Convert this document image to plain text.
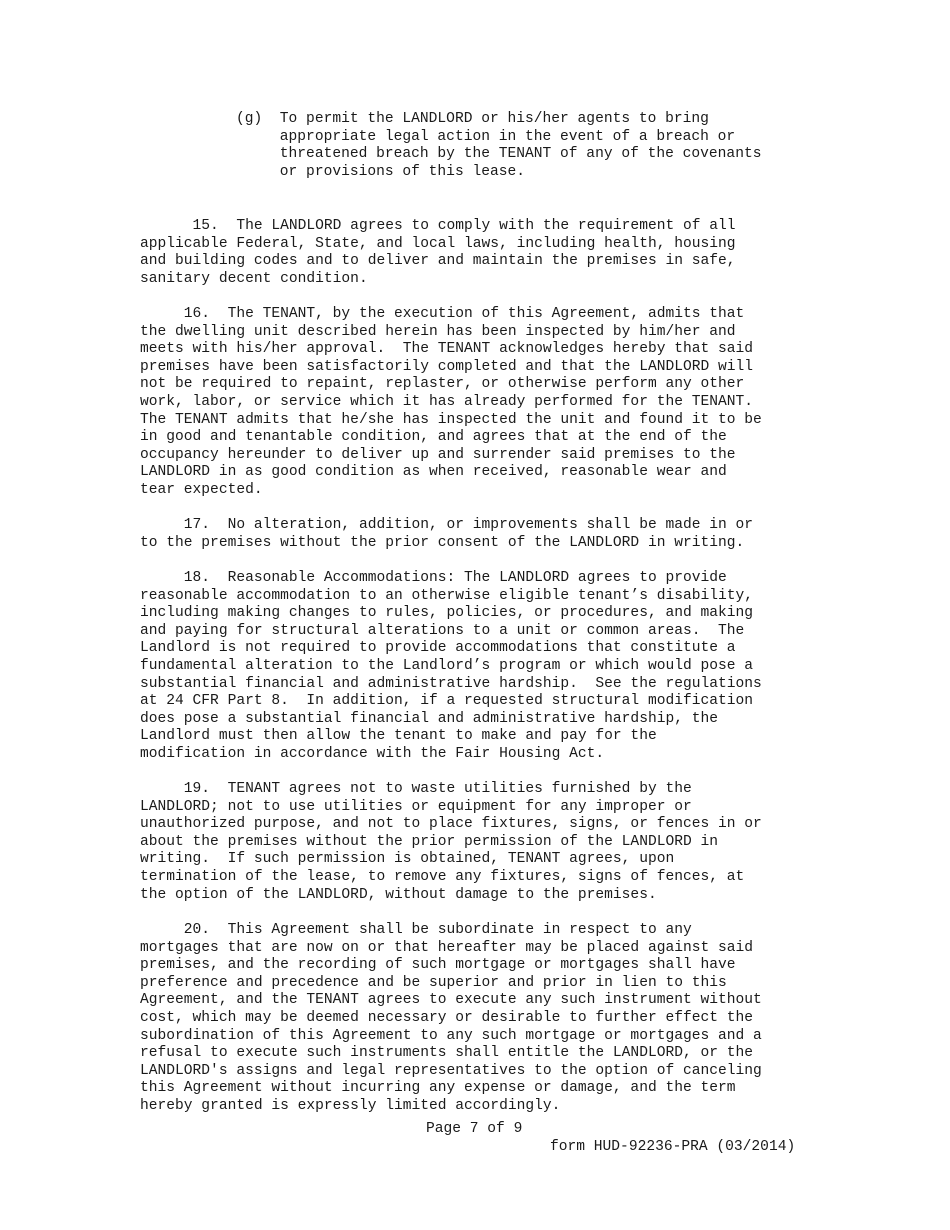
(g)  To permit the LANDLORD or his/her agents to bring
appropriate legal action in the event of a breach or
threatened breach by the TENANT of any of the covenants
or provisions of this lease.
15.  The LANDLORD agrees to comply with the requirement of all
applicable Federal, State, and local laws, including health, housing
and building codes and to deliver and maintain the premises in safe,
sanitary decent condition.
16.  The TENANT, by the execution of this Agreement, admits that
the dwelling unit described herein has been inspected by him/her and
meets with his/her approval.  The TENANT acknowledges hereby that said
premises have been satisfactorily completed and that the LANDLORD will
not be required to repaint, replaster, or otherwise perform any other
work, labor, or service which it has already performed for the TENANT.
The TENANT admits that he/she has inspected the unit and found it to be
in good and tenantable condition, and agrees that at the end of the
occupancy hereunder to deliver up and surrender said premises to the
LANDLORD in as good condition as when received, reasonable wear and
tear expected.
17.  No alteration, addition, or improvements shall be made in or
to the premises without the prior consent of the LANDLORD in writing.
18.  Reasonable Accommodations: The LANDLORD agrees to provide
reasonable accommodation to an otherwise eligible tenant’s disability,
including making changes to rules, policies, or procedures, and making
and paying for structural alterations to a unit or common areas.  The
Landlord is not required to provide accommodations that constitute a
fundamental alteration to the Landlord’s program or which would pose a
substantial financial and administrative hardship.  See the regulations
at 24 CFR Part 8.  In addition, if a requested structural modification
does pose a substantial financial and administrative hardship, the
Landlord must then allow the tenant to make and pay for the
modification in accordance with the Fair Housing Act.
19.  TENANT agrees not to waste utilities furnished by the
LANDLORD; not to use utilities or equipment for any improper or
unauthorized purpose, and not to place fixtures, signs, or fences in or
about the premises without the prior permission of the LANDLORD in
writing.  If such permission is obtained, TENANT agrees, upon
termination of the lease, to remove any fixtures, signs of fences, at
the option of the LANDLORD, without damage to the premises.
20.  This Agreement shall be subordinate in respect to any
mortgages that are now on or that hereafter may be placed against said
premises, and the recording of such mortgage or mortgages shall have
preference and precedence and be superior and prior in lien to this
Agreement, and the TENANT agrees to execute any such instrument without
cost, which may be deemed necessary or desirable to further effect the
subordination of this Agreement to any such mortgage or mortgages and a
refusal to execute such instruments shall entitle the LANDLORD, or the
LANDLORD's assigns and legal representatives to the option of canceling
this Agreement without incurring any expense or damage, and the term
hereby granted is expressly limited accordingly.
Page 7 of 9
form HUD-92236-PRA (03/2014)
